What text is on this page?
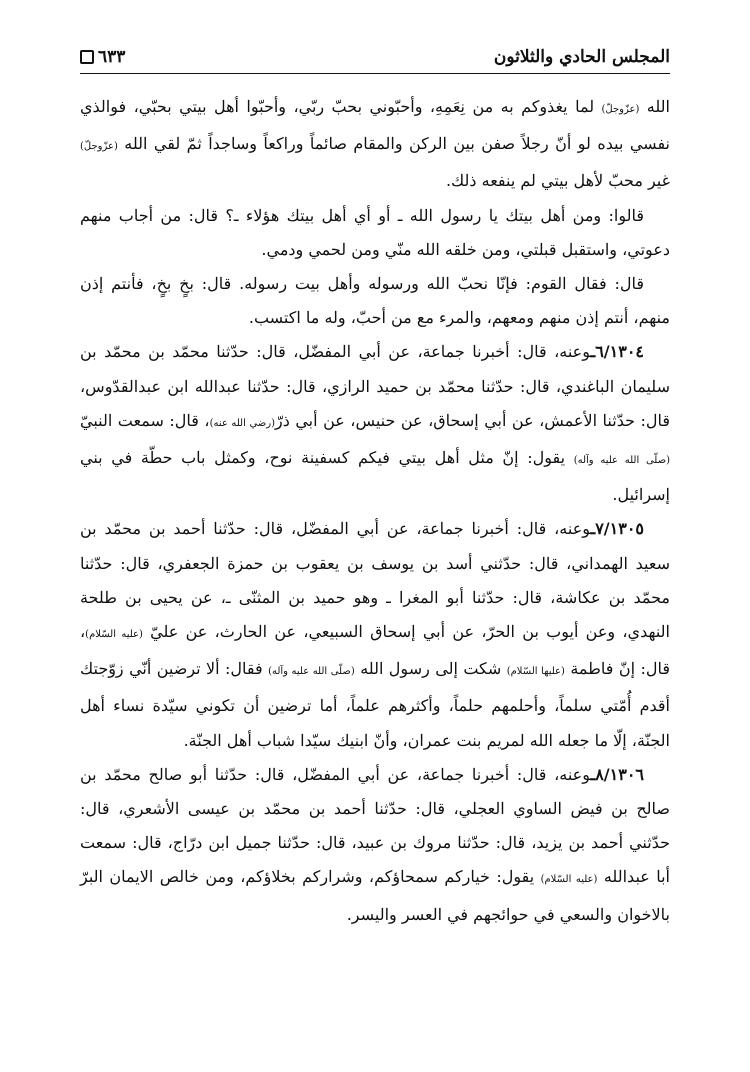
المجلس الحادي والثلاثون
٦٣٣

الله (عزّوجلّ) لما يغذوكم به من نِعَمِهِ، وأحبّوني بحبّ ربّي، وأحبّوا أهل بيتي بحبّي، فوالذي نفسي بيده لو أنّ رجلاً صفن بين الركن والمقام صائماً وراكعاً وساجداً ثمّ لقي الله (عزّوجلّ) غير محبّ لأهل بيتي لم ينفعه ذلك.

قالوا: ومن أهل بيتك يا رسول الله ـ أو أي أهل بيتك هؤلاء ـ؟ قال: من أجاب منهم دعوتي، واستقبل قبلتي، ومن خلقه الله منّي ومن لحمي ودمي.

قال: فقال القوم: فإنّا نحبّ الله ورسوله وأهل بيت رسوله. قال: بخٍ بخٍ، فأنتم إذن منهم، أنتم إذن منهم ومعهم، والمرء مع من أحبّ، وله ما اكتسب.

٦/١٣٠٤ـوعنه، قال: أخبرنا جماعة، عن أبي المفضّل، قال: حدّثنا محمّد بن محمّد بن سليمان الباغندي، قال: حدّثنا محمّد بن حميد الرازي، قال: حدّثنا عبدالله ابن عبدالقدّوس، قال: حدّثنا الأعمش، عن أبي إسحاق، عن حنيس، عن أبي ذرّ(رضي الله عنه)، قال: سمعت النبيّ (صلّى الله عليه وآله) يقول: إنّ مثل أهل بيتي فيكم كسفينة نوح، وكمثل باب حطّة في بني إسرائيل.

٧/١٣٠٥ـوعنه، قال: أخبرنا جماعة، عن أبي المفضّل، قال: حدّثنا أحمد بن محمّد بن سعيد الهمداني، قال: حدّثني أسد بن يوسف بن يعقوب بن حمزة الجعفري، قال: حدّثنا محمّد بن عكاشة، قال: حدّثنا أبو المغرا ـ وهو حميد بن المثنّى ـ، عن يحيى بن طلحة النهدي، وعن أيوب بن الحرّ، عن أبي إسحاق السبيعي، عن الحارث، عن عليّ (عليه السّلام)، قال: إنّ فاطمة (عليها السّلام) شكت إلى رسول الله (صلّى الله عليه وآله) فقال: ألا ترضين أنّي زوّجتك أقدم أُمّتي سلماً، وأحلمهم حلماً، وأكثرهم علماً، أما ترضين أن تكوني سيّدة نساء أهل الجنّة، إلّا ما جعله الله لمريم بنت عمران، وأنّ ابنيك سيّدا شباب أهل الجنّة.

٨/١٣٠٦ـوعنه، قال: أخبرنا جماعة، عن أبي المفضّل، قال: حدّثنا أبو صالح محمّد بن صالح بن فيض الساوي العجلي، قال: حدّثنا أحمد بن محمّد بن عيسى الأشعري، قال: حدّثني أحمد بن يزيد، قال: حدّثنا مروك بن عبيد، قال: حدّثنا جميل ابن درّاج، قال: سمعت أبا عبدالله (عليه السّلام) يقول: خياركم سمحاؤكم، وشراركم بخلاؤكم، ومن خالص الايمان البرّ بالاخوان والسعي في حوائجهم في العسر واليسر.
